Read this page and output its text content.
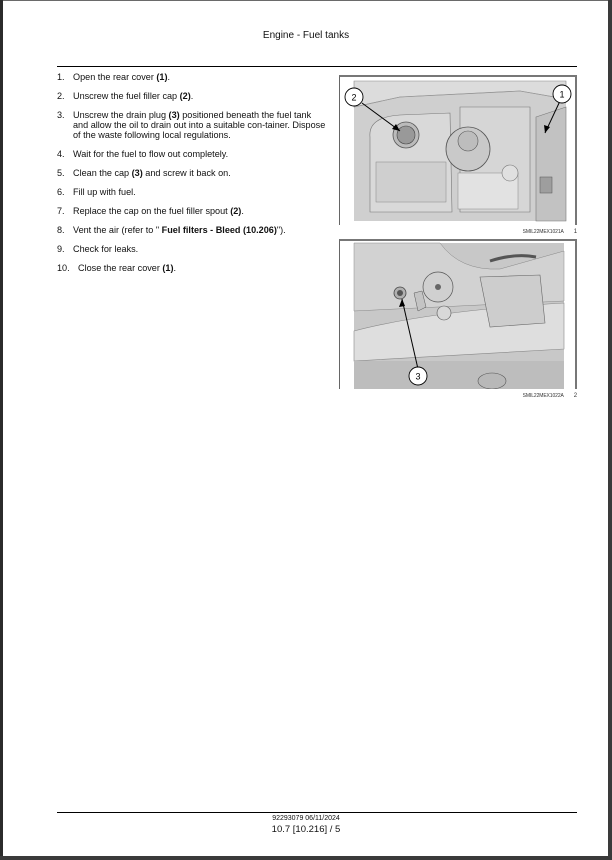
Engine - Fuel tanks
1. Open the rear cover (1).
2. Unscrew the fuel filler cap (2).
3. Unscrew the drain plug (3) positioned beneath the fuel tank and allow the oil to drain out into a suitable con-tainer. Dispose of the waste following local regulations.
4. Wait for the fuel to flow out completely.
5. Clean the cap (3) and screw it back on.
6. Fill up with fuel.
7. Replace the cap on the fuel filler spout (2).
8. Vent the air (refer to " Fuel filters - Bleed (10.206)").
9. Check for leaks.
10. Close the rear cover (1).
2	1
SMIL22MEX1021A 1
3
SMIL22MEX1022A 2
92293079 06/11/2024
10.7 [10.216] / 5
